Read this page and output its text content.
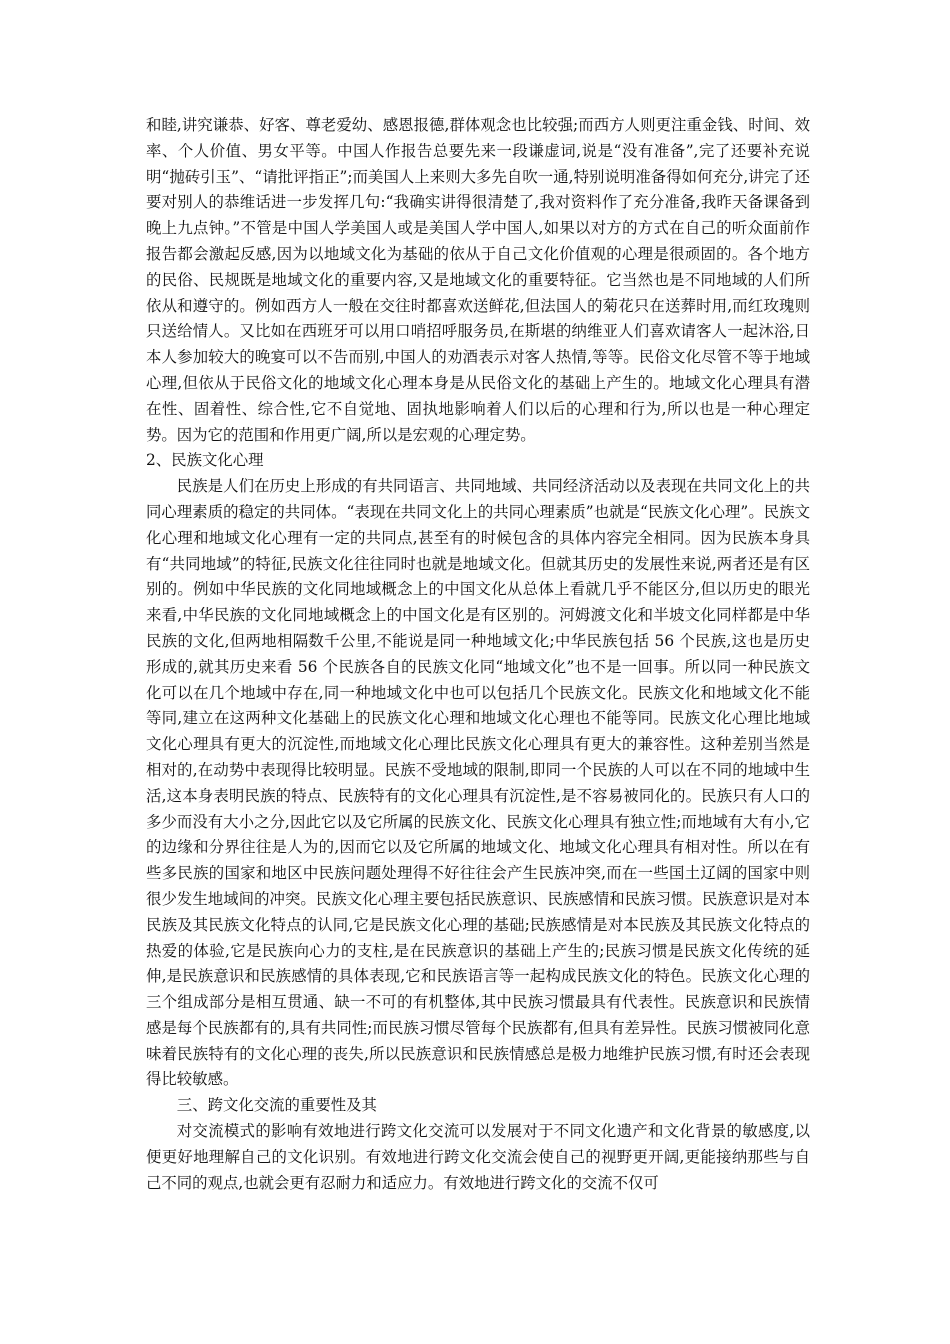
和睦,讲究谦恭、好客、尊老爱幼、感恩报德,群体观念也比较强;而西方人则更注重金钱、时间、效率、个人价值、男女平等。中国人作报告总要先来一段谦虚词,说是“没有准备”,完了还要补充说明“抛砖引玉”、“请批评指正”;而美国人上来则大多先自吹一通,特别说明准备得如何充分,讲完了还要对别人的恭维话进一步发挥几句:“我确实讲得很清楚了,我对资料作了充分准备,我昨天备课备到晚上九点钟。”不管是中国人学美国人或是美国人学中国人,如果以对方的方式在自己的听众面前作报告都会激起反感,因为以地域文化为基础的依从于自己文化价值观的心理是很顽固的。各个地方的民俗、民规既是地域文化的重要内容,又是地域文化的重要特征。它当然也是不同地域的人们所依从和遵守的。例如西方人一般在交往时都喜欢送鲜花,但法国人的菊花只在送葬时用,而红玫瑰则只送给情人。又比如在西班牙可以用口哨招呼服务员,在斯堪的纳维亚人们喜欢请客人一起沐浴,日本人参加较大的晚宴可以不告而别,中国人的劝酒表示对客人热情,等等。民俗文化尽管不等于地域心理,但依从于民俗文化的地域文化心理本身是从民俗文化的基础上产生的。地域文化心理具有潜在性、固着性、综合性,它不自觉地、固执地影响着人们以后的心理和行为,所以也是一种心理定势。因为它的范围和作用更广阔,所以是宏观的心理定势。

2、民族文化心理

民族是人们在历史上形成的有共同语言、共同地域、共同经济活动以及表现在共同文化上的共同心理素质的稳定的共同体。“表现在共同文化上的共同心理素质”也就是“民族文化心理”。民族文化心理和地域文化心理有一定的共同点,甚至有的时候包含的具体内容完全相同。因为民族本身具有“共同地域”的特征,民族文化往往同时也就是地域文化。但就其历史的发展性来说,两者还是有区别的。例如中华民族的文化同地域概念上的中国文化从总体上看就几乎不能区分,但以历史的眼光来看,中华民族的文化同地域概念上的中国文化是有区别的。河姆渡文化和半坡文化同样都是中华民族的文化,但两地相隔数千公里,不能说是同一种地域文化;中华民族包括 56 个民族,这也是历史形成的,就其历史来看 56 个民族各自的民族文化同“地域文化”也不是一回事。所以同一种民族文化可以在几个地域中存在,同一种地域文化中也可以包括几个民族文化。民族文化和地域文化不能等同,建立在这两种文化基础上的民族文化心理和地域文化心理也不能等同。民族文化心理比地域文化心理具有更大的沉淀性,而地域文化心理比民族文化心理具有更大的兼容性。这种差别当然是相对的,在动势中表现得比较明显。民族不受地域的限制,即同一个民族的人可以在不同的地域中生活,这本身表明民族的特点、民族特有的文化心理具有沉淀性,是不容易被同化的。民族只有人口的多少而没有大小之分,因此它以及它所属的民族文化、民族文化心理具有独立性;而地域有大有小,它的边缘和分界往往是人为的,因而它以及它所属的地域文化、地域文化心理具有相对性。所以在有些多民族的国家和地区中民族问题处理得不好往往会产生民族冲突,而在一些国土辽阔的国家中则很少发生地域间的冲突。民族文化心理主要包括民族意识、民族感情和民族习惯。民族意识是对本民族及其民族文化特点的认同,它是民族文化心理的基础;民族感情是对本民族及其民族文化特点的热爱的体验,它是民族向心力的支柱,是在民族意识的基础上产生的;民族习惯是民族文化传统的延伸,是民族意识和民族感情的具体表现,它和民族语言等一起构成民族文化的特色。民族文化心理的三个组成部分是相互贯通、缺一不可的有机整体,其中民族习惯最具有代表性。民族意识和民族情感是每个民族都有的,具有共同性;而民族习惯尽管每个民族都有,但具有差异性。民族习惯被同化意味着民族特有的文化心理的丧失,所以民族意识和民族情感总是极力地维护民族习惯,有时还会表现得比较敏感。

三、跨文化交流的重要性及其

对交流模式的影响有效地进行跨文化交流可以发展对于不同文化遗产和文化背景的敏感度,以便更好地理解自己的文化识别。有效地进行跨文化交流会使自己的视野更开阔,更能接纳那些与自己不同的观点,也就会更有忍耐力和适应力。有效地进行跨文化的交流不仅可
